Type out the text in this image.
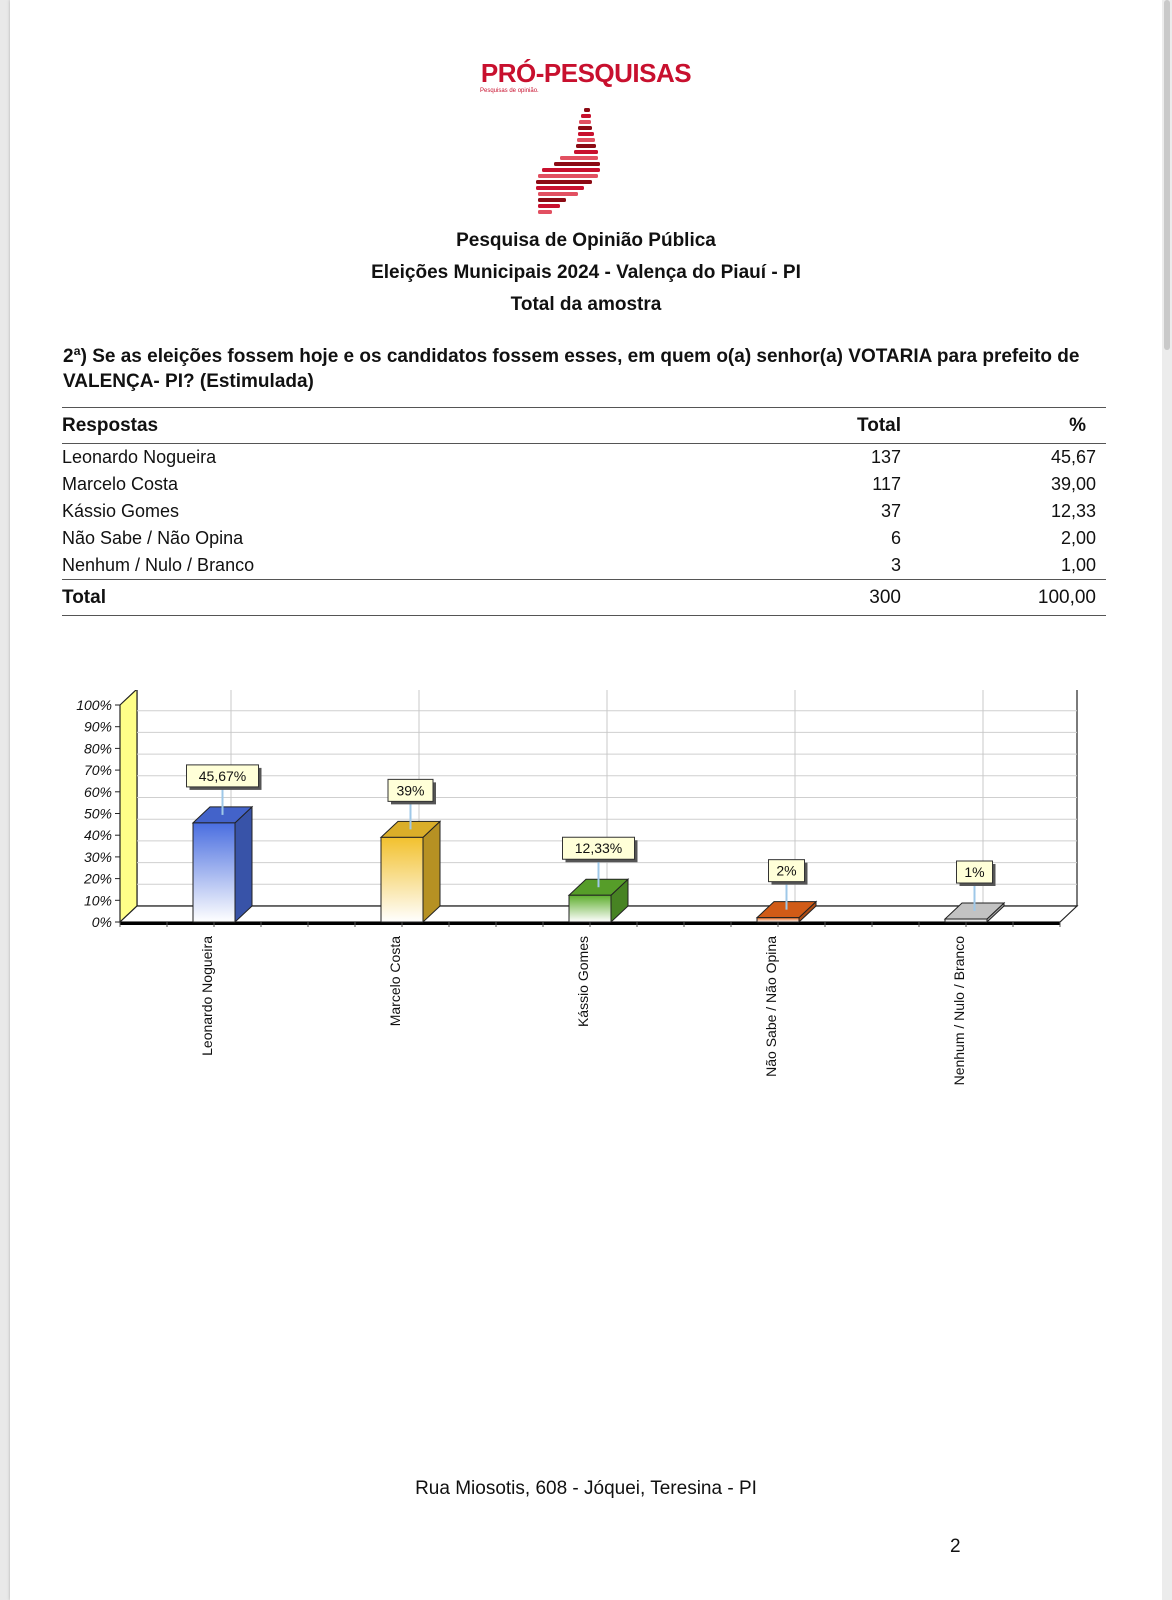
PRÓ-PESQUISAS
Pesquisas de opinião.
Pesquisa de Opinião Pública
Eleições Municipais 2024 - Valença do Piauí - PI
Total da amostra
2ª) Se as eleições fossem hoje e os candidatos fossem esses, em quem o(a) senhor(a) VOTARIA para prefeito de VALENÇA- PI? (Estimulada)
Respostas	Total	%
Leonardo Nogueira	137	45,67
Marcelo Costa	117	39,00
Kássio Gomes	37	12,33
Não Sabe / Não Opina	6	2,00
Nenhum / Nulo / Branco	3	1,00
Total	300	100,00
0%
10%
20%
30%
40%
50%
60%
70%
80%
90%
100%
45,67%
Leonardo Nogueira
39%
Marcelo Costa
12,33%
Kássio Gomes
2%
Não Sabe / Não Opina
1%
Nenhum / Nulo / Branco
Rua Miosotis, 608 - Jóquei, Teresina - PI
2
